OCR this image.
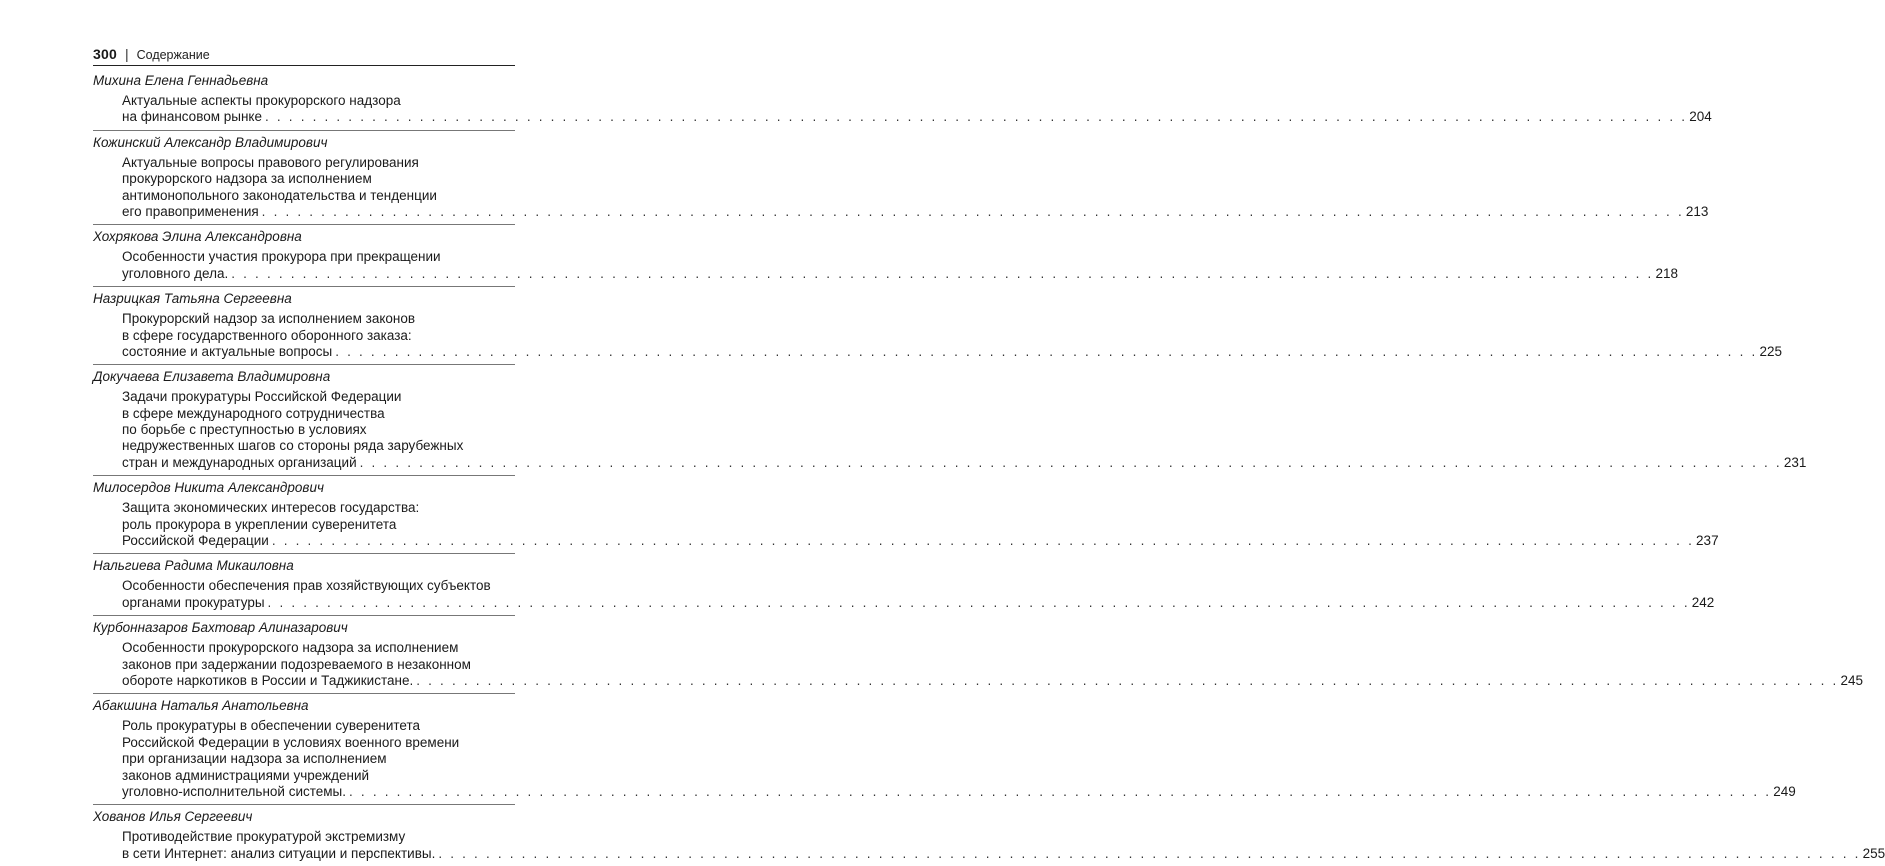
300 | Содержание
Михина Елена Геннадьевна
Актуальные аспекты прокурорского надзора
на финансовом рынке . . . . . . . . . . . . . . . . . . . . . . . . . . . . . . . . . . . . . . . . . . . . . . . . . . . . . . . . . . . . . . . . . . . . . . . . . . . . . . . . . . . . . . . . . . . . . . . . . . . . . . . . . . . . . . . . . . . . . . . . 204
Кожинский Александр Владимирович
Актуальные вопросы правового регулирования
прокурорского надзора за исполнением
антимонопольного законодательства и тенденции
его правоприменения . . . . . . . . . . . . . . . . . . . . . . . . . . . . . . . . . . . . . . . . . . . . . . . . . . . . . . . . . . . . . . . . . . . . . . . . . . . . . . . . . . . . . . . . . . . . . . . . . . . . . . . . . . . . . . . . . . . . . . . . 213
Хохрякова Элина Александровна
Особенности участия прокурора при прекращении
уголовного дела. . . . . . . . . . . . . . . . . . . . . . . . . . . . . . . . . . . . . . . . . . . . . . . . . . . . . . . . . . . . . . . . . . . . . . . . . . . . . . . . . . . . . . . . . . . . . . . . . . . . . . . . . . . . . . . . . . . . . . . . . 218
Назрицкая Татьяна Сергеевна
Прокурорский надзор за исполнением законов
в сфере государственного оборонного заказа:
состояние и актуальные вопросы . . . . . . . . . . . . . . . . . . . . . . . . . . . . . . . . . . . . . . . . . . . . . . . . . . . . . . . . . . . . . . . . . . . . . . . . . . . . . . . . . . . . . . . . . . . . . . . . . . . . . . . . . . . . . . . . . . . . . . . . 225
Докучаева Елизавета Владимировна
Задачи прокуратуры Российской Федерации
в сфере международного сотрудничества
по борьбе с преступностью в условиях
недружественных шагов со стороны ряда зарубежных
стран и международных организаций . . . . . . . . . . . . . . . . . . . . . . . . . . . . . . . . . . . . . . . . . . . . . . . . . . . . . . . . . . . . . . . . . . . . . . . . . . . . . . . . . . . . . . . . . . . . . . . . . . . . . . . . . . . . . . . . . . . . . . . . 231
Милосердов Никита Александрович
Защита экономических интересов государства:
роль прокурора в укреплении суверенитета
Российской Федерации . . . . . . . . . . . . . . . . . . . . . . . . . . . . . . . . . . . . . . . . . . . . . . . . . . . . . . . . . . . . . . . . . . . . . . . . . . . . . . . . . . . . . . . . . . . . . . . . . . . . . . . . . . . . . . . . . . . . . . . . 237
Нальгиева Радима Микаиловна
Особенности обеспечения прав хозяйствующих субъектов
органами прокуратуры . . . . . . . . . . . . . . . . . . . . . . . . . . . . . . . . . . . . . . . . . . . . . . . . . . . . . . . . . . . . . . . . . . . . . . . . . . . . . . . . . . . . . . . . . . . . . . . . . . . . . . . . . . . . . . . . . . . . . . . . 242
Курбонназаров Бахтовар Алиназарович
Особенности прокурорского надзора за исполнением
законов при задержании подозреваемого в незаконном
обороте наркотиков в России и Таджикистане. . . . . . . . . . . . . . . . . . . . . . . . . . . . . . . . . . . . . . . . . . . . . . . . . . . . . . . . . . . . . . . . . . . . . . . . . . . . . . . . . . . . . . . . . . . . . . . . . . . . . . . . . . . . . . . . . . . . . . . . . 245
Абакшина Наталья Анатольевна
Роль прокуратуры в обеспечении суверенитета
Российской Федерации в условиях военного времени
при организации надзора за исполнением
законов администрациями учреждений
уголовно-исполнительной системы. . . . . . . . . . . . . . . . . . . . . . . . . . . . . . . . . . . . . . . . . . . . . . . . . . . . . . . . . . . . . . . . . . . . . . . . . . . . . . . . . . . . . . . . . . . . . . . . . . . . . . . . . . . . . . . . . . . . . . . . . 249
Хованов Илья Сергеевич
Противодействие прокуратурой экстремизму
в сети Интернет: анализ ситуации и перспективы. . . . . . . . . . . . . . . . . . . . . . . . . . . . . . . . . . . . . . . . . . . . . . . . . . . . . . . . . . . . . . . . . . . . . . . . . . . . . . . . . . . . . . . . . . . . . . . . . . . . . . . . . . . . . . . . . . . . . . . . . 255
